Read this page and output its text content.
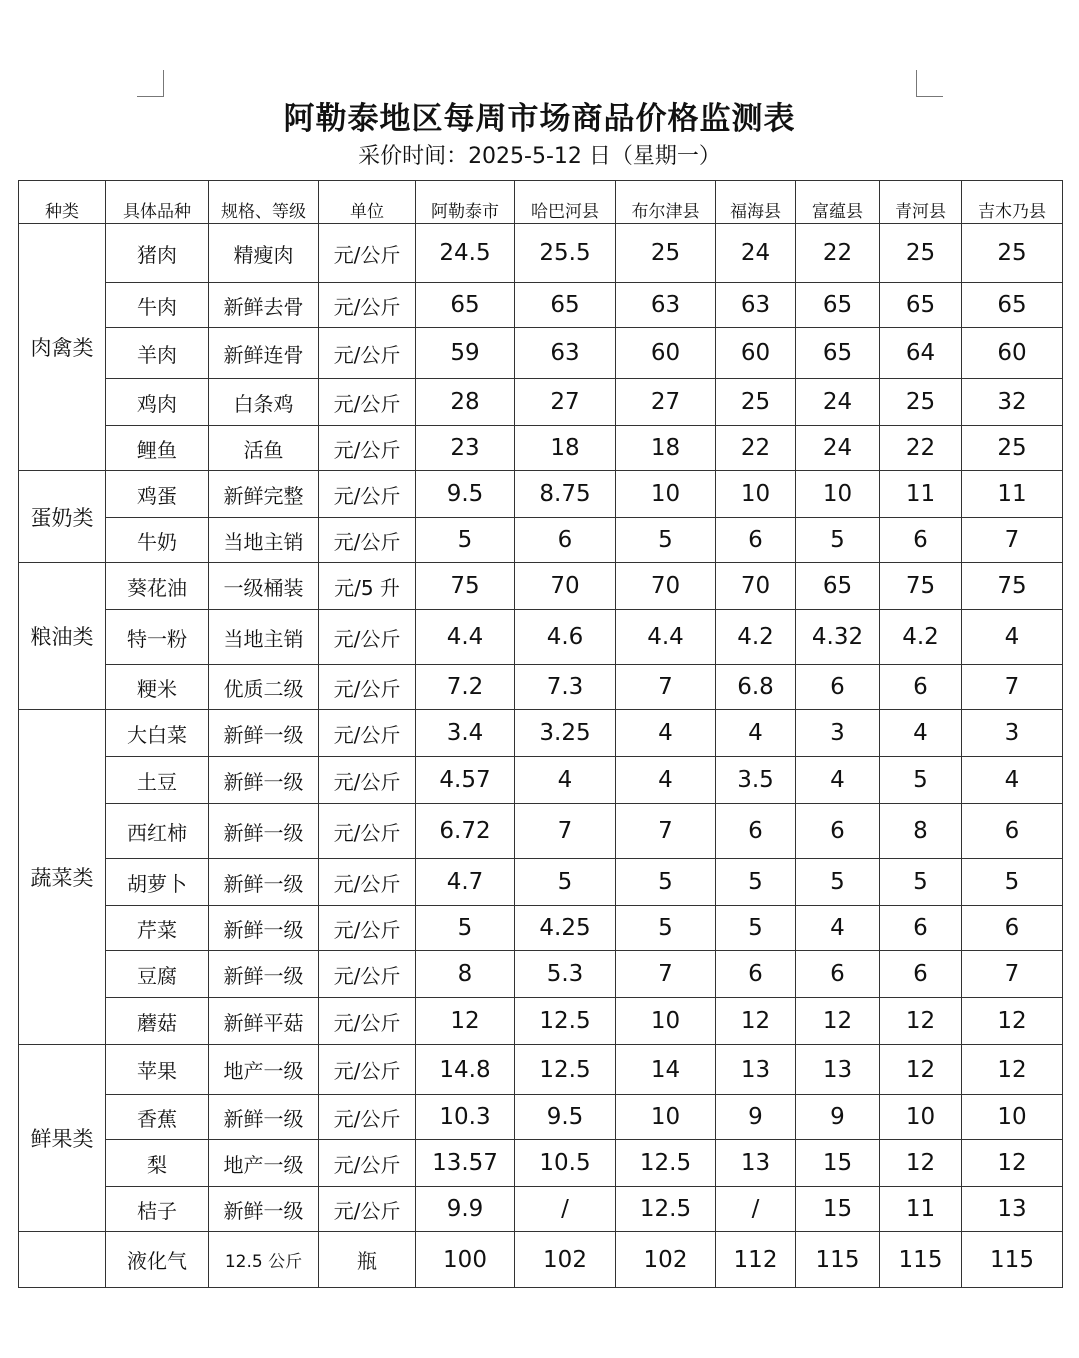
阿勒泰地区每周市场商品价格监测表
采价时间：2025-5-12 日（星期一）
种类	具体品种	规格、等级	单位	阿勒泰市	哈巴河县	布尔津县	福海县	富蕴县	青河县	吉木乃县
肉禽类	猪肉	精瘦肉	元/公斤	24.5	25.5	25	24	22	25	25
	牛肉	新鲜去骨	元/公斤	65	65	63	63	65	65	65
	羊肉	新鲜连骨	元/公斤	59	63	60	60	65	64	60
	鸡肉	白条鸡	元/公斤	28	27	27	25	24	25	32
	鲤鱼	活鱼	元/公斤	23	18	18	22	24	22	25
蛋奶类	鸡蛋	新鲜完整	元/公斤	9.5	8.75	10	10	10	11	11
	牛奶	当地主销	元/公斤	5	6	5	6	5	6	7
粮油类	葵花油	一级桶装	元/5 升	75	70	70	70	65	75	75
	特一粉	当地主销	元/公斤	4.4	4.6	4.4	4.2	4.32	4.2	4
	粳米	优质二级	元/公斤	7.2	7.3	7	6.8	6	6	7
蔬菜类	大白菜	新鲜一级	元/公斤	3.4	3.25	4	4	3	4	3
	土豆	新鲜一级	元/公斤	4.57	4	4	3.5	4	5	4
	西红柿	新鲜一级	元/公斤	6.72	7	7	6	6	8	6
	胡萝卜	新鲜一级	元/公斤	4.7	5	5	5	5	5	5
	芹菜	新鲜一级	元/公斤	5	4.25	5	5	4	6	6
	豆腐	新鲜一级	元/公斤	8	5.3	7	6	6	6	7
	蘑菇	新鲜平菇	元/公斤	12	12.5	10	12	12	12	12
鲜果类	苹果	地产一级	元/公斤	14.8	12.5	14	13	13	12	12
	香蕉	新鲜一级	元/公斤	10.3	9.5	10	9	9	10	10
	梨	地产一级	元/公斤	13.57	10.5	12.5	13	15	12	12
	桔子	新鲜一级	元/公斤	9.9	/	12.5	/	15	11	13
	液化气	12.5 公斤	瓶	100	102	102	112	115	115	115
